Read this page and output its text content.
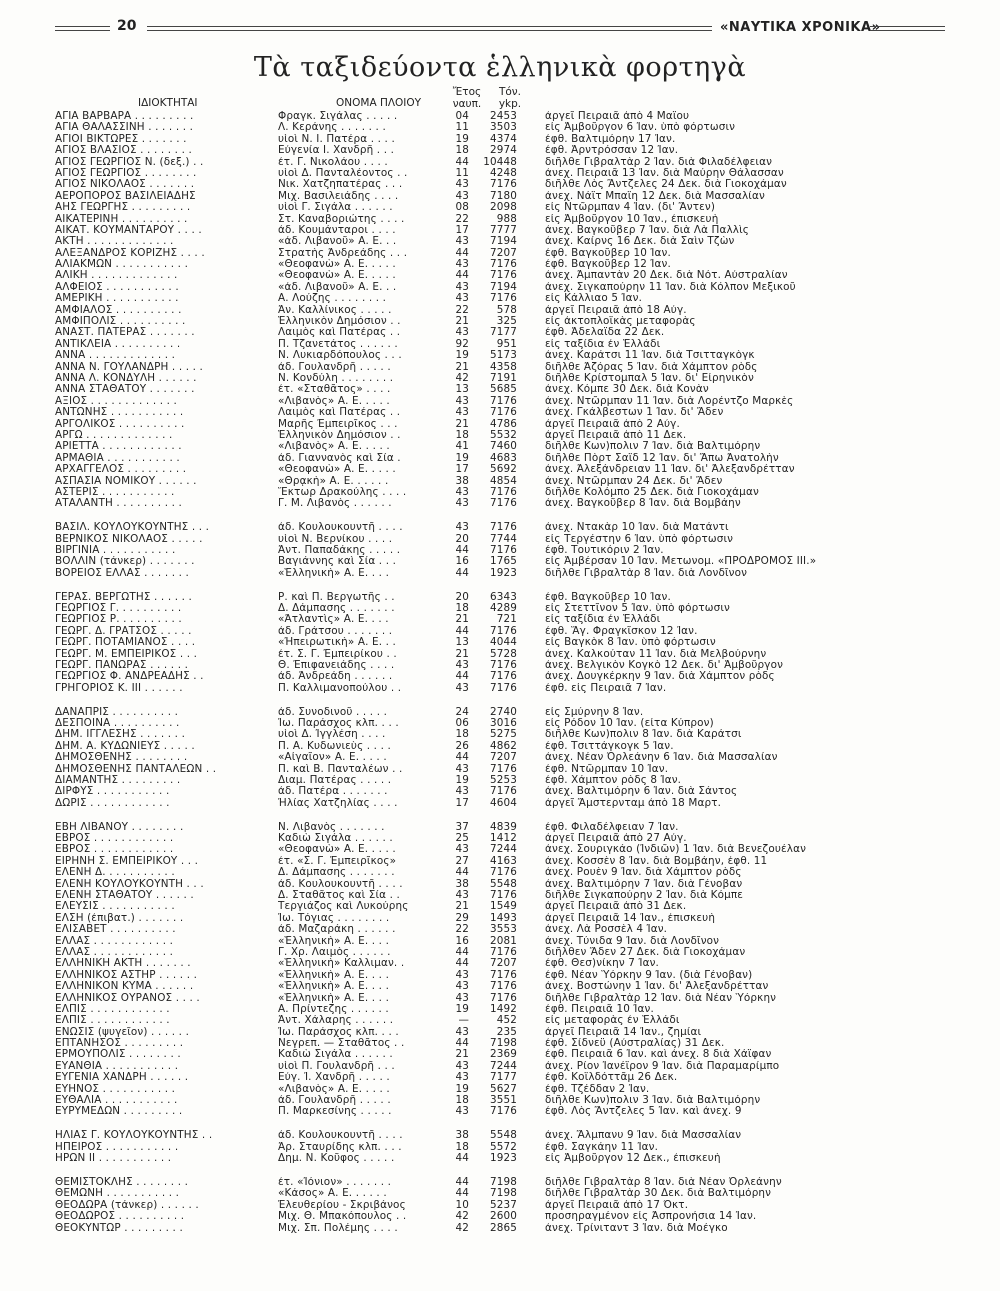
20	«ΝΑΥΤΙΚΑ ΧΡΟΝΙΚΑ»
Τὰ ταξιδεύοντα ἑλληνικὰ φορτηγὰ
ΙΔΙΟΚΤΗΤΑΙ	ΟΝΟΜΑ ΠΛΟΙΟΥ
Ἔτος ναυπ.
Τόν. ykp.
ΑΓΙΑ ΒΑΡΒΑΡΑ . . . . . . . . .	Φραγκ. Σιγάλας . . . . .	04	2453	ἀργεῖ Πειραιᾶ ἀπὸ 4 Μαΐου
ΑΓΙΑ ΘΑΛΑΣΣΙΝΗ . . . . . . .	Λ. Κεράνης . . . . . . .	11	3503	εἰς Ἀμβοῦργον 6 Ἰαν. ὑπὸ φόρτωσιν
ΑΓΙΟΙ ΒΙΚΤΩΡΕΣ . . . . . . .	υἱοὶ Ν. Ι. Πατέρα . . . .	19	4374	ἐφθ. Βαλτιμόρην 17 Ἰαν.
ΑΓΙΟΣ ΒΛΑΣΙΟΣ . . . . . . . .	Εὐγενία Ι. Χανδρῆ . . .	18	2974	ἐφθ. Ἀρντρόσσαν 12 Ἰαν.
ΑΓΙΟΣ ΓΕΩΡΓΙΟΣ Ν. (δεξ.) . .	ἐτ. Γ. Νικολάου . . . .	44	10448	διῆλθε Γιβραλτὰρ 2 Ἰαν. διὰ Φιλαδέλφειαν
ΑΓΙΟΣ ΓΕΩΡΓΙΟΣ . . . . . . . .	υἱοὶ Δ. Πανταλέοντος . .	11	4248	ἀνεχ. Πειραιᾶ 13 Ἰαν. διὰ Μαύρην Θάλασσαν
ΑΓΙΟΣ ΝΙΚΟΛΑΟΣ . . . . . . .	Νικ. Χατζηπατέρας . . .	43	7176	διῆλθε Λὸς Ἄντζελες 24 Δεκ. διὰ Γιοκοχάμαν
ΑΕΡΟΠΟΡΟΣ ΒΑΣΙΛΕΙΑΔΗΣ	Μιχ. Βασιλειάδης . . . .	43	7180	ἀνεχ. Νάϊτ Μπαϊη 12 Δεκ. διὰ Μασσαλίαν
ΑΗΣ ΓΕΩΡΓΗΣ . . . . . . . . .	υἱοὶ Γ. Σιγάλα . . . . . .	08	2098	εἰς Ντῶρμπαν 4 Ἰαν. (δι' Ἄντεν)
ΑΙΚΑΤΕΡΙΝΗ . . . . . . . . . .	Στ. Καναβοριώτης . . . .	22	988	εἰς Ἀμβοῦργον 10 Ἰαν., ἐπισκευὴ
ΑΙΚΑΤ. ΚΟΥΜΑΝΤΑΡΟΥ . . . .	ἀδ. Κουμάνταροι . . . .	17	7777	ἀνεχ. Βαγκοῦβερ 7 Ἰαν. διὰ Λὰ Παλλὶς
ΑΚΤΗ . . . . . . . . . . . . .	«ἀδ. Λιβανοῦ» Α. Ε. . .	43	7194	ἀνεχ. Καίρνς 16 Δεκ. διὰ Σαὶν Τζὼν
ΑΛΕΞΑΝΔΡΟΣ ΚΟΡΙΖΗΣ . . . .	Στρατὴς Ἀνδρεάδης . . .	44	7207	ἐφθ. Βαγκοῦβερ 10 Ἰαν.
ΑΛΙΑΚΜΩΝ . . . . . . . . . . .	«Θεοφανὼ» Α. Ε. . . . .	43	7176	ἐφθ. Βαγκοῦβερ 12 Ἰαν.
ΑΛΙΚΗ . . . . . . . . . . . . .	«Θεοφανὼ» Α. Ε. . . . .	44	7176	ἀνεχ. Ἀμπαντὰν 20 Δεκ. διὰ Νότ. Αὐστραλίαν
ΑΛΦΕΙΟΣ . . . . . . . . . . .	«ἀδ. Λιβανοῦ» Α. Ε. . .	43	7194	ἀνεχ. Σιγκαπούρην 11 Ἰαν. διὰ Κόλπον Μεξικοῦ
ΑΜΕΡΙΚΗ . . . . . . . . . . .	Α. Λούζης . . . . . . . .	43	7176	εἰς Κάλλιαο 5 Ἰαν.
ΑΜΦΙΑΛΟΣ . . . . . . . . . .	Ἀν. Καλλίνικος . . . . .	22	578	ἀργεῖ Πειραιᾶ ἀπὸ 18 Αὐγ.
ΑΜΦΙΠΟΛΙΣ . . . . . . . . . .	Ἑλληνικὸν Δημόσιον . .	21	325	εἰς ἀκτοπλοϊκὰς μεταφορὰς
ΑΝΑΣΤ. ΠΑΤΕΡΑΣ . . . . . . .	Λαιμὸς καὶ Πατέρας . .	43	7177	ἐφθ. Ἀδελαΐδα 22 Δεκ.
ΑΝΤΙΚΛΕΙΑ . . . . . . . . . .	Π. Τζανετάτος . . . . . .	92	951	εἰς ταξίδια ἐν Ἑλλάδι
ΑΝΝΑ . . . . . . . . . . . . .	Ν. Λυκιαρδόπουλος . . .	19	5173	ἀνεχ. Καράτσι 11 Ἰαν. διὰ Τσιτταγκὸγκ
ΑΝΝΑ Ν. ΓΟΥΛΑΝΔΡΗ . . . . .	ἀδ. Γουλανδρῆ . . . . .	21	4358	διῆλθε Ἀζόρας 5 Ἰαν. διὰ Χάμπτον ρὸδς
ΑΝΝΑ Λ. ΚΟΝΔΥΛΗ . . . . . .	Ν. Κονδύλη . . . . . . . .	42	7191	διῆλθε Κρίστομπαλ 5 Ἰαν. δι' Εἰρηνικὸν
ΑΝΝΑ ΣΤΑΘΑΤΟΥ . . . . . . .	ἐτ. «Σταθᾶτος» . . . .	13	5685	ἀνεχ. Κόμπε 30 Δεκ. διὰ Κονὰν
ΑΞΙΟΣ . . . . . . . . . . . . .	«Λιβανὸς» Α. Ε. . . . .	43	7176	ἀνεχ. Ντῶρμπαν 11 Ἰαν. διὰ Λορέντζο Μαρκὲς
ΑΝΤΩΝΗΣ . . . . . . . . . . .	Λαιμὸς καὶ Πατέρας . .	43	7176	ἀνεχ. Γκάλβεστων 1 Ἰαν. δι' Ἄδεν
ΑΡΓΟΛΙΚΟΣ . . . . . . . . . .	Μαρῆς Ἐμπειρῖκος . . .	21	4786	ἀργεῖ Πειραιᾶ ἀπὸ 2 Αὐγ.
ΑΡΓΩ . . . . . . . . . . . . .	Ἑλληνικὸν Δημόσιον . .	18	5532	ἀργεῖ Πειραιᾶ ἀπὸ 11 Δεκ.
ΑΡΙΕΤΤΑ . . . . . . . . . . . .	«Λιβανὸς» Α. Ε. . . . .	41	7460	διῆλθε Κων)πολιν 7 Ἰαν. διὰ Βαλτιμόρην
ΑΡΜΑΘΙΑ . . . . . . . . . . .	ἀδ. Γιαννανὸς καὶ Σία .	19	4683	διῆλθε Πὸρτ Σαΐδ 12 Ἰαν. δι' Ἄπω Ἀνατολὴν
ΑΡΧΑΓΓΕΛΟΣ . . . . . . . . .	«Θεοφανὼ» Α. Ε. . . . .	17	5692	ἀνεχ. Ἀλεξάνδρειαν 11 Ἰαν. δι' Ἀλεξανδρέτταν
ΑΣΠΑΣΙΑ ΝΟΜΙΚΟΥ . . . . . .	«Θρᾳκὴ» Α. Ε. . . . . .	38	4854	ἀνεχ. Ντῶρμπαν 24 Δεκ. δι' Ἄδεν
ΑΣΤΕΡΙΣ . . . . . . . . . . .	Ἕκτωρ Δρακούλης . . . .	43	7176	διῆλθε Κολόμπο 25 Δεκ. διὰ Γιοκοχάμαν
ΑΤΑΛΑΝΤΗ . . . . . . . . . .	Γ. Μ. Λιβανὸς . . . . . .	43	7176	ἀνεχ. Βαγκοῦβερ 8 Ἰαν. διὰ Βομβάην
ΒΑΣΙΛ. ΚΟΥΛΟΥΚΟΥΝΤΗΣ . . .	ἀδ. Κουλουκουντῆ . . . .	43	7176	ἀνεχ. Ντακὰρ 10 Ἰαν. διὰ Ματάντι
ΒΕΡΝΙΚΟΣ ΝΙΚΟΛΑΟΣ . . . . .	υἱοὶ Ν. Βερνίκου . . . .	20	7744	εἰς Τεργέστην 6 Ἰαν. ὑπὸ φόρτωσιν
ΒΙΡΓΙΝΙΑ . . . . . . . . . . .	Ἀντ. Παπαδάκης . . . . .	44	7176	ἐφθ. Τουτικόριν 2 Ἰαν.
ΒΟΛΛΙΝ (τάνκερ) . . . . . . .	Βαγιάννης καὶ Σία . . .	16	1765	εἰς Ἀμβέρσαν 10 Ἰαν. Μετωνομ. «ΠΡΟΔΡΟΜΟΣ ΙΙΙ.»
ΒΟΡΕΙΟΣ ΕΛΛΑΣ . . . . . . .	«Ἑλληνικὴ» Α. Ε. . . .	44	1923	διῆλθε Γιβραλτὰρ 8 Ἰαν. διὰ Λονδῖνον
ΓΕΡΑΣ. ΒΕΡΓΩΤΗΣ . . . . . .	Ρ. καὶ Π. Βεργωτῆς . .	20	6343	ἐφθ. Βαγκοῦβερ 10 Ἰαν.
ΓΕΩΡΓΙΟΣ Γ. . . . . . . . . .	Δ. Δάμπασης . . . . . . .	18	4289	εἰς Στεττῖνον 5 Ἰαν. ὑπὸ φόρτωσιν
ΓΕΩΡΓΙΟΣ Ρ. . . . . . . . . .	«Ἀτλαντὶς» Α. Ε. . . .	21	721	εἰς ταξίδια ἐν Ἑλλάδι
ΓΕΩΡΓ. Δ. ΓΡΑΤΣΟΣ . . . . .	ἀδ. Γράτσου . . . . . . .	44	7176	ἐφθ. Ἅγ. Φραγκῖσκον 12 Ἰαν.
ΓΕΩΡΓ. ΠΟΤΑΜΙΑΝΟΣ . . . .	«Ἠπειρωτικὴ» Α. Ε. . .	13	4044	εἰς Βαγκὸκ 8 Ἰαν. ὑπὸ φόρτωσιν
ΓΕΩΡΓ. Μ. ΕΜΠΕΙΡΙΚΟΣ . . .	ἐτ. Σ. Γ. Ἐμπειρίκου . .	21	5728	ἀνεχ. Καλκούταν 11 Ἰαν. διὰ Μελβούρνην
ΓΕΩΡΓ. ΠΑΝΩΡΑΣ . . . . . .	Θ. Ἐπιφανειάδης . . . .	43	7176	ἀνεχ. Βελγικὸν Κογκὸ 12 Δεκ. δι' Ἀμβοῦργον
ΓΕΩΡΓΙΟΣ Φ. ΑΝΔΡΕΑΔΗΣ . .	ἀδ. Ἀνδρεάδη . . . . . .	44	7176	ἀνεχ. Δουγκέρκην 9 Ἰαν. διὰ Χάμπτον ρὸδς
ΓΡΗΓΟΡΙΟΣ Κ. ΙΙΙ . . . . . .	Π. Καλλιμανοπούλου . .	43	7176	ἐφθ. εἰς Πειραιᾶ 7 Ἰαν.
ΔΑΝΑΠΡΙΣ . . . . . . . . . .	ἀδ. Συνοδινοῦ . . . . .	24	2740	εἰς Σμύρνην 8 Ἰαν.
ΔΕΣΠΟΙΝΑ . . . . . . . . . .	Ἰω. Παράσχος κλπ. . . .	06	3016	εἰς Ρόδον 10 Ἰαν. (εἶτα Κύπρον)
ΔΗΜ. ΙΓΓΛΕΣΗΣ . . . . . . .	υἱοὶ Δ. Ἰγγλέση . . . .	18	5275	διῆλθε Κων)πολιν 8 Ἰαν. διὰ Καράτσι
ΔΗΜ. Α. ΚΥΔΩΝΙΕΥΣ . . . . .	Π. Α. Κυδωνιεὺς . . . .	26	4862	ἐφθ. Τσιττάγκογκ 5 Ἰαν.
ΔΗΜΟΣΘΕΝΗΣ . . . . . . . .	«Αἰγαῖον» Α. Ε. . . . .	44	7207	ἀνεχ. Νέαν Ὀρλεάνην 6 Ἰαν. διὰ Μασσαλίαν
ΔΗΜΟΣΘΕΝΗΣ ΠΑΝΤΑΛΕΩΝ . .	Π. καὶ Β. Πανταλέων . .	43	7176	ἐφθ. Ντῶρμπαν 10 Ἰαν.
ΔΙΑΜΑΝΤΗΣ . . . . . . . . .	Διαμ. Πατέρας . . . . .	19	5253	ἐφθ. Χάμπτον ρὸδς 8 Ἰαν.
ΔΙΡΦΥΣ . . . . . . . . . . .	ἀδ. Πατέρα . . . . . . .	43	7176	ἀνεχ. Βαλτιμόρην 6 Ἰαν. διὰ Σάντος
ΔΩΡΙΣ . . . . . . . . . . . .	Ἠλίας Χατζηλίας . . . .	17	4604	ἀργεῖ Ἄμστερνταμ ἀπὸ 18 Μαρτ.
ΕΒΗ ΛΙΒΑΝΟΥ . . . . . . . .	Ν. Λιβανὸς . . . . . . .	37	4839	ἐφθ. Φιλαδέλφειαν 7 Ἰαν.
ΕΒΡΟΣ . . . . . . . . . . . .	Καδιὼ Σιγάλα . . . . . .	25	1412	ἀργεῖ Πειραιᾶ ἀπὸ 27 Αὐγ.
ΕΒΡΟΣ . . . . . . . . . . . .	«Θεοφανὼ» Α. Ε. . . . .	43	7244	ἀνεχ. Σουριγκάο (Ἰνδιῶν) 1 Ἰαν. διὰ Βενεζουέλαν
ΕΙΡΗΝΗ Σ. ΕΜΠΕΙΡΙΚΟΥ . . .	ἐτ. «Σ. Γ. Ἐμπειρῖκος»	27	4163	ἀνεχ. Κοσσὲν 8 Ἰαν. διὰ Βομβάην, ἐφθ. 11
ΕΛΕΝΗ Δ. . . . . . . . . . .	Δ. Δάμπασης . . . . . . .	44	7176	ἀνεχ. Ρουὲν 9 Ἰαν. διὰ Χάμπτον ρὸδς
ΕΛΕΝΗ ΚΟΥΛΟΥΚΟΥΝΤΗ . . .	ἀδ. Κουλουκουντῆ . . . .	38	5548	ἀνεχ. Βαλτιμόρην 7 Ἰαν. διὰ Γένοβαν
ΕΛΕΝΗ ΣΤΑΘΑΤΟΥ . . . . . .	Δ. Σταθᾶτος καὶ Σία . .	43	7176	διῆλθε Σιγκαπούρην 2 Ἰαν. διὰ Κόμπε
ΕΛΕΥΣΙΣ . . . . . . . . . . .	Τεργιάζος καὶ Λυκούρης	21	1549	ἀργεῖ Πειραιᾶ ἀπὸ 31 Δεκ.
ΕΛΣΗ (ἐπιβατ.) . . . . . . .	Ἰω. Τόγιας . . . . . . . .	29	1493	ἀργεῖ Πειραιᾶ 14 Ἰαν., ἐπισκευὴ
ΕΛΙΣΑΒΕΤ . . . . . . . . . .	ἀδ. Μαζαράκη . . . . . .	22	3553	ἀνεχ. Λὰ Ροσσὲλ 4 Ἰαν.
ΕΛΛΑΣ . . . . . . . . . . . .	«Ἑλληνικὴ» Α. Ε. . . .	16	2081	ἀνεχ. Τύνιδα 9 Ἰαν. διὰ Λονδῖνον
ΕΛΛΑΣ . . . . . . . . . . . .	Γ. Χρ. Λαιμὸς . . . . . .	44	7176	διῆλθεν Ἄδεν 27 Δεκ. διὰ Γιοκοχάμαν
ΕΛΛΗΝΙΚΗ ΑΚΤΗ . . . . . . .	«Ἑλληνικὴ» Καλλιμαν. .	44	7207	ἐφθ. Θεσ)νίκην 7 Ἰαν.
ΕΛΛΗΝΙΚΟΣ ΑΣΤΗΡ . . . . . .	«Ἑλληνικὴ» Α. Ε. . . .	43	7176	ἐφθ. Νέαν Ὑόρκην 9 Ἰαν. (διὰ Γένοβαν)
ΕΛΛΗΝΙΚΟΝ ΚΥΜΑ . . . . . .	«Ἑλληνικὴ» Α. Ε. . . .	43	7176	ἀνεχ. Βοστώνην 1 Ἰαν. δι' Ἀλεξανδρέτταν
ΕΛΛΗΝΙΚΟΣ ΟΥΡΑΝΟΣ . . . .	«Ἑλληνικὴ» Α. Ε. . . .	43	7176	διῆλθε Γιβραλτὰρ 12 Ἰαν. διὰ Νέαν Ὑόρκην
ΕΛΠΙΣ . . . . . . . . . . . .	Α. Πρίντεζης . . . . . .	19	1492	ἐφθ. Πειραιᾶ 10 Ἰαν.
ΕΛΠΙΣ . . . . . . . . . . . .	Ἀντ. Χάλαρης . . . . . .	—	452	εἰς μεταφορὰς ἐν Ἑλλάδι
ΕΝΩΣΙΣ (ψυγεῖον) . . . . . .	Ἰω. Παράσχος κλπ. . . .	43	235	ἀργεῖ Πειραιᾶ 14 Ἰαν., ζημίαι
ΕΠΤΑΝΗΣΟΣ . . . . . . . . .	Νεγρεπ. — Σταθᾶτος . .	44	7198	ἐφθ. Σίδνεϋ (Αὐστραλίας) 31 Δεκ.
ΕΡΜΟΥΠΟΛΙΣ . . . . . . . .	Καδιὼ Σιγάλα . . . . . .	21	2369	ἐφθ. Πειραιᾶ 6 Ἰαν. καὶ ἀνεχ. 8 διὰ Χάϊφαν
ΕΥΑΝΘΙΑ . . . . . . . . . . .	υἱοὶ Π. Γουλανδρῆ . . .	43	7244	ἀνεχ. Ρίον Ἰανέϊρον 9 Ἰαν. διὰ Παραμαρίμπο
ΕΥΓΕΝΙΑ ΧΑΝΔΡΗ . . . . . .	Εὐγ. Ἰ. Χανδρῆ . . . . .	43	7177	ἐφθ. Κοϊλδόττᾶμ 26 Δεκ.
ΕΥΗΝΟΣ . . . . . . . . . . .	«Λιβανὸς» Α. Ε. . . . .	19	5627	ἐφθ. Τζέδδαν 2 Ἰαν.
ΕΥΘΑΛΙΑ . . . . . . . . . . .	ἀδ. Γουλανδρῆ . . . . .	18	3551	διῆλθε Κων)πολιν 3 Ἰαν. διὰ Βαλτιμόρην
ΕΥΡΥΜΕΔΩΝ . . . . . . . . .	Π. Μαρκεσίνης . . . . .	43	7176	ἐφθ. Λὸς Ἄντζελες 5 Ἰαν. καὶ ἀνεχ. 9
ΗΛΙΑΣ Γ. ΚΟΥΛΟΥΚΟΥΝΤΗΣ . .	ἀδ. Κουλουκουντῆ . . . .	38	5548	ἀνεχ. Ἄλμπανυ 9 Ἰαν. διὰ Μασσαλίαν
ΗΠΕΙΡΟΣ . . . . . . . . . . .	Ἀρ. Σταυρίδης κλπ. . . .	18	5572	ἐφθ. Σαγκάην 11 Ἰαν.
ΗΡΩΝ ΙΙ . . . . . . . . . . .	Δημ. Ν. Κοῦφος . . . . .	44	1923	εἰς Ἀμβοῦργον 12 Δεκ., ἐπισκευὴ
ΘΕΜΙΣΤΟΚΛΗΣ . . . . . . . .	ἐτ. «Ἰόνιον» . . . . . . .	44	7198	διῆλθε Γιβραλτὰρ 8 Ἰαν. διὰ Νέαν Ὀρλεάνην
ΘΕΜΩΝΗ . . . . . . . . . . .	«Κάσος» Α. Ε. . . . . .	44	7198	διῆλθε Γιβραλτὰρ 30 Δεκ. διὰ Βαλτιμόρην
ΘΕΟΔΩΡΑ (τάνκερ) . . . . . .	Ἐλευθερίου - Σκριβάνος	10	5237	ἀργεῖ Πειραιᾶ ἀπὸ 17 Ὀκτ.
ΘΕΟΔΩΡΟΣ . . . . . . . . . .	Μιχ. Θ. Μπακόπουλος . .	42	2600	προσηραγμένον εἰς Ἀσπρονήσια 14 Ἰαν.
ΘΕΟΚΥΝΤΩΡ . . . . . . . . .	Μιχ. Σπ. Πολέμης . . . .	42	2865	ἀνεχ. Τρίνιταντ 3 Ἰαν. διὰ Μοέγκο
